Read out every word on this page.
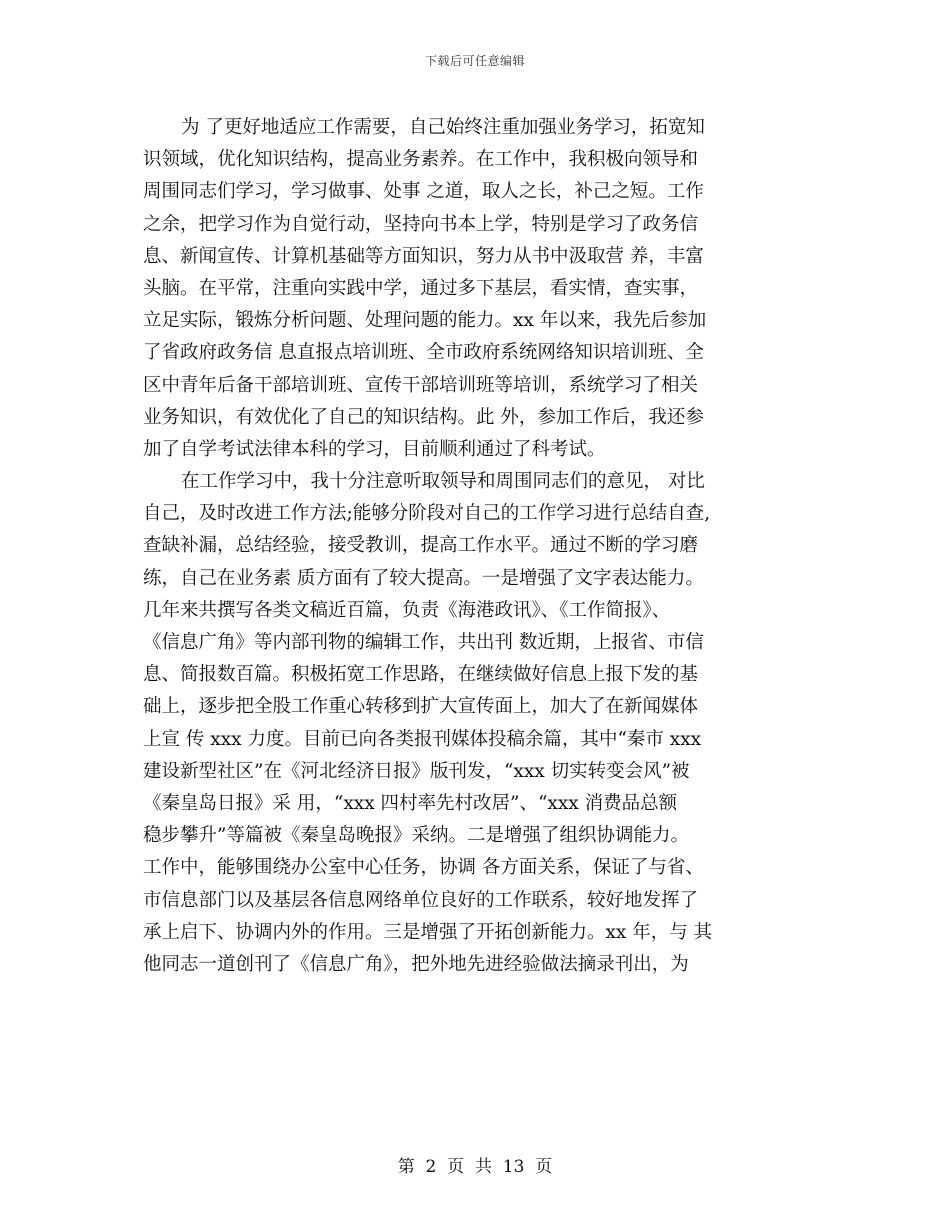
下载后可任意编辑
为 了更好地适应工作需要，自己始终注重加强业务学习，拓宽知
识领域，优化知识结构，提高业务素养。在工作中，我积极向领导和
周围同志们学习，学习做事、处事 之道，取人之长，补己之短。工作
之余，把学习作为自觉行动，坚持向书本上学，特别是学习了政务信
息、新闻宣传、计算机基础等方面知识，努力从书中汲取营 养，丰富
头脑。在平常，注重向实践中学，通过多下基层，看实情，查实事，
立足实际，锻炼分析问题、处理问题的能力。xx 年以来，我先后参加
了省政府政务信 息直报点培训班、全市政府系统网络知识培训班、全
区中青年后备干部培训班、宣传干部培训班等培训，系统学习了相关
业务知识，有效优化了自己的知识结构。此 外，参加工作后，我还参
加了自学考试法律本科的学习，目前顺利通过了科考试。
在工作学习中，我十分注意听取领导和周围同志们的意见， 对比
自己，及时改进工作方法;能够分阶段对自己的工作学习进行总结自查,
查缺补漏，总结经验，接受教训，提高工作水平。通过不断的学习磨
练，自己在业务素 质方面有了较大提高。一是增强了文字表达能力。
几年来共撰写各类文稿近百篇，负责《海港政讯》、《工作简报》、
《信息广角》等内部刊物的编辑工作，共出刊 数近期，上报省、市信
息、简报数百篇。积极拓宽工作思路，在继续做好信息上报下发的基
础上，逐步把全股工作重心转移到扩大宣传面上，加大了在新闻媒体
上宣 传 xxx 力度。目前已向各类报刊媒体投稿余篇，其中“秦市 xxx
建设新型社区”在《河北经济日报》版刊发，“xxx 切实转变会风”被
《秦皇岛日报》采 用，“xxx 四村率先村改居”、“xxx 消费品总额
稳步攀升”等篇被《秦皇岛晚报》采纳。二是增强了组织协调能力。
工作中，能够围绕办公室中心任务，协调 各方面关系，保证了与省、
市信息部门以及基层各信息网络单位良好的工作联系，较好地发挥了
承上启下、协调内外的作用。三是增强了开拓创新能力。xx 年，与 其
他同志一道创刊了《信息广角》，把外地先进经验做法摘录刊出，为
第  2  页  共  13  页
